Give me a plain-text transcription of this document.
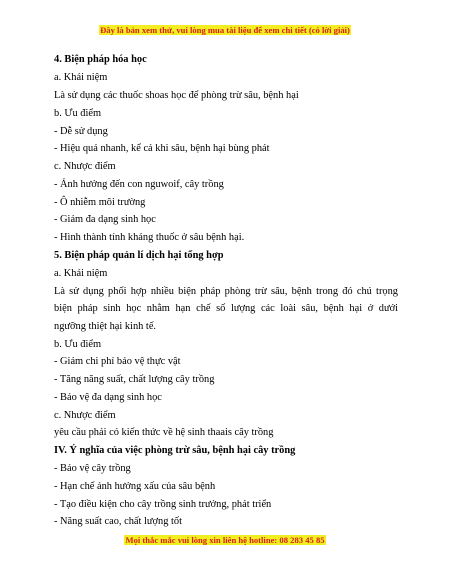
Đây là bản xem thử, vui lòng mua tài liệu để xem chi tiết (có lời giải)
4. Biện pháp hóa học
a. Khái niệm
Là sử dụng các thuốc shoas học để phòng trừ sâu, bệnh hại
b. Ưu điểm
- Dễ sử dụng
- Hiệu quả nhanh, kể cả khi sâu, bệnh hại bùng phát
c. Nhược điểm
- Ảnh hưởng đến con nguwoif, cây trồng
- Ô nhiễm môi trường
- Giảm đa dạng sinh học
- Hình thành tính kháng thuốc ở sâu bệnh hại.
5. Biện pháp quản lí dịch hại tổng hợp
a. Khái niệm
Là sử dụng phối hợp nhiều biện pháp phòng trừ sâu, bệnh trong đó chú trọng
biện pháp sinh học nhằm hạn chế số lượng các loài sâu, bệnh hại ở dưới
ngưỡng thiệt hại kinh tế.
b. Ưu điểm
- Giảm chi phí bảo vệ thực vật
- Tăng năng suất, chất lượng cây trồng
- Bảo vệ đa dạng sinh học
c. Nhược điểm
yêu cầu phải có kiến thức về hệ sinh thaais cây trồng
IV. Ý nghĩa của việc phòng trừ sâu, bệnh hại cây trồng
- Bảo vệ cây trồng
- Hạn chế ảnh hưởng xấu của sâu bệnh
- Tạo điều kiện cho cây trồng sinh trưởng, phát triển
- Năng suất cao, chất lượng tốt
Mọi thắc mắc vui lòng xin liên hệ hotline: 08 283 45 85
